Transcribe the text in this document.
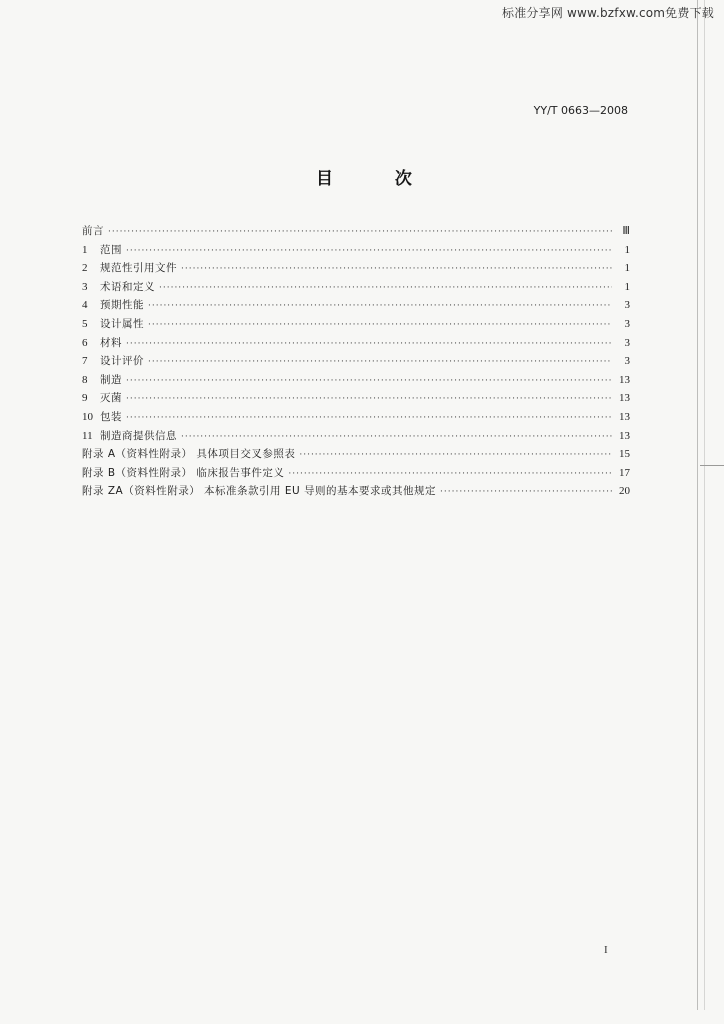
标准分享网 www.bzfxw.com免费下载
YY/T 0663—2008
目 次
前言 ·····	Ⅲ
1	范围 ·····	1
2	规范性引用文件 ·····	1
3	术语和定义 ·····	1
4	预期性能 ·····	3
5	设计属性 ·····	3
6	材料 ·····	3
7	设计评价 ·····	3
8	制造 ·····	13
9	灭菌 ·····	13
10 包装 ·····	13
11 制造商提供信息 ·····	13
附录 A（资料性附录） 具体项目交叉参照表 ·····	15
附录 B（资料性附录） 临床报告事件定义 ·····	17
附录 ZA（资料性附录） 本标准条款引用 EU 导则的基本要求或其他规定 ·····	20
I
